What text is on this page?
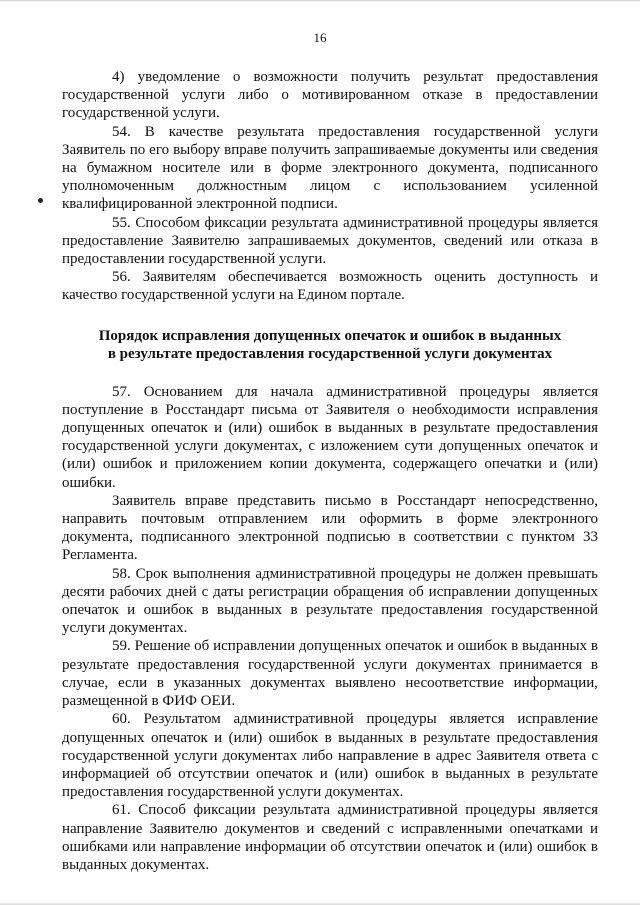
16

4) уведомление о возможности получить результат предоставления государственной услуги либо о мотивированном отказе в предоставлении государственной услуги.

54. В качестве результата предоставления государственной услуги Заявитель по его выбору вправе получить запрашиваемые документы или сведения на бумажном носителе или в форме электронного документа, подписанного уполномоченным должностным лицом с использованием усиленной квалифицированной электронной подписи.

55. Способом фиксации результата административной процедуры является предоставление Заявителю запрашиваемых документов, сведений или отказа в предоставлении государственной услуги.

56. Заявителям обеспечивается возможность оценить доступность и качество государственной услуги на Едином портале.

Порядок исправления допущенных опечаток и ошибок в выданных
в результате предоставления государственной услуги документах

57. Основанием для начала административной процедуры является поступление в Росстандарт письма от Заявителя о необходимости исправления допущенных опечаток и (или) ошибок в выданных в результате предоставления государственной услуги документах, с изложением сути допущенных опечаток и (или) ошибок и приложением копии документа, содержащего опечатки и (или) ошибки.

Заявитель вправе представить письмо в Росстандарт непосредственно, направить почтовым отправлением или оформить в форме электронного документа, подписанного электронной подписью в соответствии с пунктом 33 Регламента.

58. Срок выполнения административной процедуры не должен превышать десяти рабочих дней с даты регистрации обращения об исправлении допущенных опечаток и ошибок в выданных в результате предоставления государственной услуги документах.

59. Решение об исправлении допущенных опечаток и ошибок в выданных в результате предоставления государственной услуги документах принимается в случае, если в указанных документах выявлено несоответствие информации, размещенной в ФИФ ОЕИ.

60. Результатом административной процедуры является исправление допущенных опечаток и (или) ошибок в выданных в результате предоставления государственной услуги документах либо направление в адрес Заявителя ответа с информацией об отсутствии опечаток и (или) ошибок в выданных в результате предоставления государственной услуги документах.

61. Способ фиксации результата административной процедуры является направление Заявителю документов и сведений с исправленными опечатками и ошибками или направление информации об отсутствии опечаток и (или) ошибок в выданных документах.
